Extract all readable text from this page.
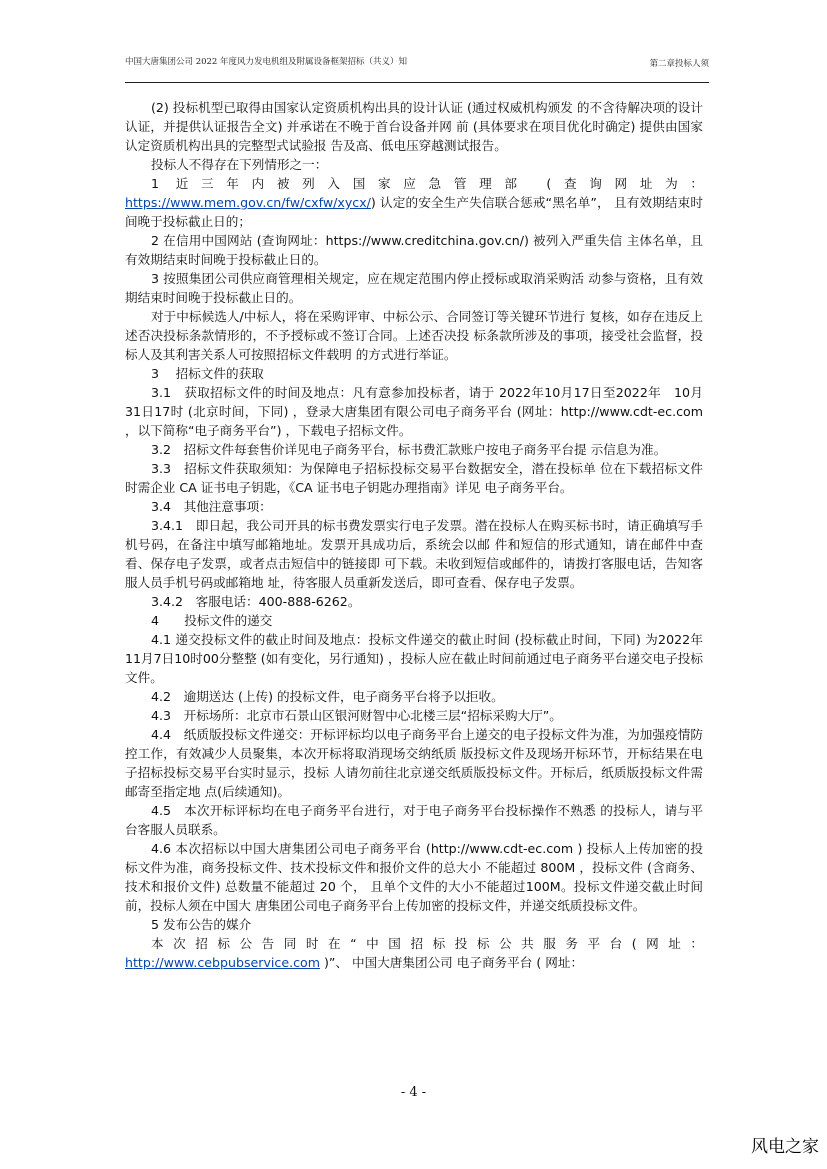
中国大唐集团公司 2022 年度风力发电机组及附属设备框架招标（共义）知	第二章投标人须

(2) 投标机型已取得由国家认定资质机构出具的设计认证 (通过权威机构颁发 的不含待解决项的设计认证，并提供认证报告全文) 并承诺在不晚于首台设备并网 前 (具体要求在项目优化时确定) 提供由国家认定资质机构出具的完整型式试验报 告及高、低电压穿越测试报告。

投标人不得存在下列情形之一：

1 近三年内被列入国家应急管理部 (查询网址为：

https://www.mem.gov.cn/fw/cxfw/xycx/) 认定的安全生产失信联合惩戒“黑名单”， 且有效期结束时间晚于投标截止日的；

2 在信用中国网站 (查询网址：https://www.creditchina.gov.cn/) 被列入严重失信 主体名单，且有效期结束时间晚于投标截止日的。

3 按照集团公司供应商管理相关规定，应在规定范围内停止授标或取消采购活 动参与资格，且有效期结束时间晚于投标截止日的。

对于中标候选人/中标人，将在采购评审、中标公示、合同签订等关键环节进行 复核，如存在违反上述否决投标条款情形的，不予授标或不签订合同。上述否决投 标条款所涉及的事项，接受社会监督，投标人及其利害关系人可按照招标文件载明 的方式进行举证。

3　 招标文件的获取

3.1　获取招标文件的时间及地点：凡有意参加投标者，请于 2022年10月17日至2022年　10月31日17时 (北京时间，下同) ，登录大唐集团有限公司电子商务平台 (网址：http://www.cdt-ec.com ，以下简称“电子商务平台”) ，下载电子招标文件。

3.2　招标文件每套售价详见电子商务平台，标书费汇款账户按电子商务平台提 示信息为准。

3.3　招标文件获取须知：为保障电子招标投标交易平台数据安全，潜在投标单 位在下载招标文件时需企业 CA 证书电子钥匙，《CA 证书电子钥匙办理指南》详见 电子商务平台。

3.4　其他注意事项：

3.4.1　即日起，我公司开具的标书费发票实行电子发票。潜在投标人在购买标书时，请正确填写手机号码，在备注中填写邮箱地址。发票开具成功后，系统会以邮 件和短信的形式通知，请在邮件中查看、保存电子发票，或者点击短信中的链接即 可下载。未收到短信或邮件的，请拨打客服电话，告知客服人员手机号码或邮箱地 址，待客服人员重新发送后，即可查看、保存电子发票。

3.4.2　客服电话：400-888-6262。

4　　投标文件的递交

4.1 递交投标文件的截止时间及地点：投标文件递交的截止时间 (投标截止时间，下同) 为2022年11月7日10时00分整整 (如有变化，另行通知) ，投标人应在截止时间前通过电子商务平台递交电子投标文件。

4.2　逾期送达 (上传) 的投标文件，电子商务平台将予以拒收。

4.3　开标场所：北京市石景山区银河财智中心北楼三层“招标采购大厅”。

4.4　纸质版投标文件递交：开标评标均以电子商务平台上递交的电子投标文件为准，为加强疫情防控工作，有效减少人员聚集，本次开标将取消现场交纳纸质 版投标文件及现场开标环节，开标结果在电子招标投标交易平台实时显示，投标 人请勿前往北京递交纸质版投标文件。开标后，纸质版投标文件需邮寄至指定地 点(后续通知)。

4.5　本次开标评标均在电子商务平台进行，对于电子商务平台投标操作不熟悉 的投标人，请与平台客服人员联系。

4.6 本次招标以中国大唐集团公司电子商务平台 (http://www.cdt-ec.com ) 投标人上传加密的投标文件为准，商务投标文件、技术投标文件和报价文件的总大小 不能超过 800M ，投标文件 (含商务、技术和报价文件) 总数量不能超过 20 个， 且单个文件的大小不能超过100M。投标文件递交截止时间前，投标人须在中国大 唐集团公司电子商务平台上传加密的投标文件，并递交纸质投标文件。

5 发布公告的媒介

本次招标公告同时在“中国招标投标公共服务平台(网址：

http://www.cebpubservice.com )”、 中国大唐集团公司 电子商务平台 ( 网址：

- 4 -
风电之家
